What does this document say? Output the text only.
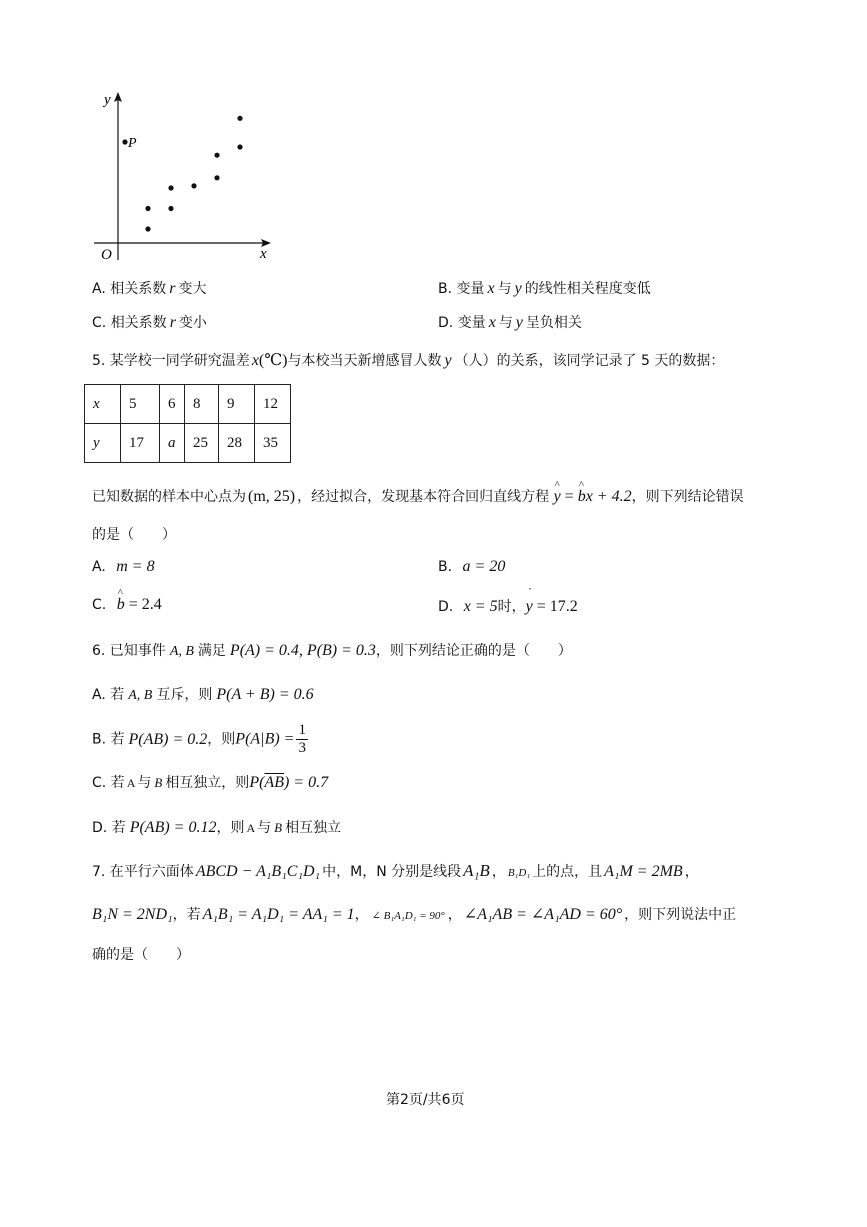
y
x
O
P
A. 相关系数 r 变大	B. 变量 x 与 y 的线性相关程度变低
C. 相关系数 r 变小	D. 变量 x 与 y 呈负相关
5. 某学校一同学研究温差 x(℃)与本校当天新增感冒人数 y （人）的关系，该同学记录了 5 天的数据：
x	5	6	8	9	12
y	17	a	25	28	35
已知数据的样本中心点为 (m, 25) ，经过拟合，发现基本符合回归直线方程 ^ y = ^ bx + 4.2，则下列结论错误
的是（　　）
A. m = 8	B. a = 20
C. ^ b = 2.4	D. x = 5时，˙ y = 17.2
6. 已知事件 A, B 满足 P(A) = 0.4, P(B) = 0.3，则下列结论正确的是（　　）
A. 若 A, B 互斥，则 P(A + B) = 0.6
B. 若 P(AB) = 0.2，则$P(A|B) = \frac{1}{3}$
C. 若 A 与 B 相互独立，则$P(\overline{AB}) = 0.7$
D. 若 P(AB) = 0.12，则 A 与 B 相互独立
7. 在平行六面体 ABCD − A₁B₁C₁D₁ 中，M，N 分别是线段 A₁B ， B₁D₁ 上的点，且 A₁M = 2MB ，
B₁N = 2ND₁，若 A₁B₁ = A₁D₁ = AA₁ = 1， ∠ B₁A₁D₁ = 90° ， ∠A₁AB = ∠A₁AD = 60° ，则下列说法中正
确的是（　　）
第2页/共6页
